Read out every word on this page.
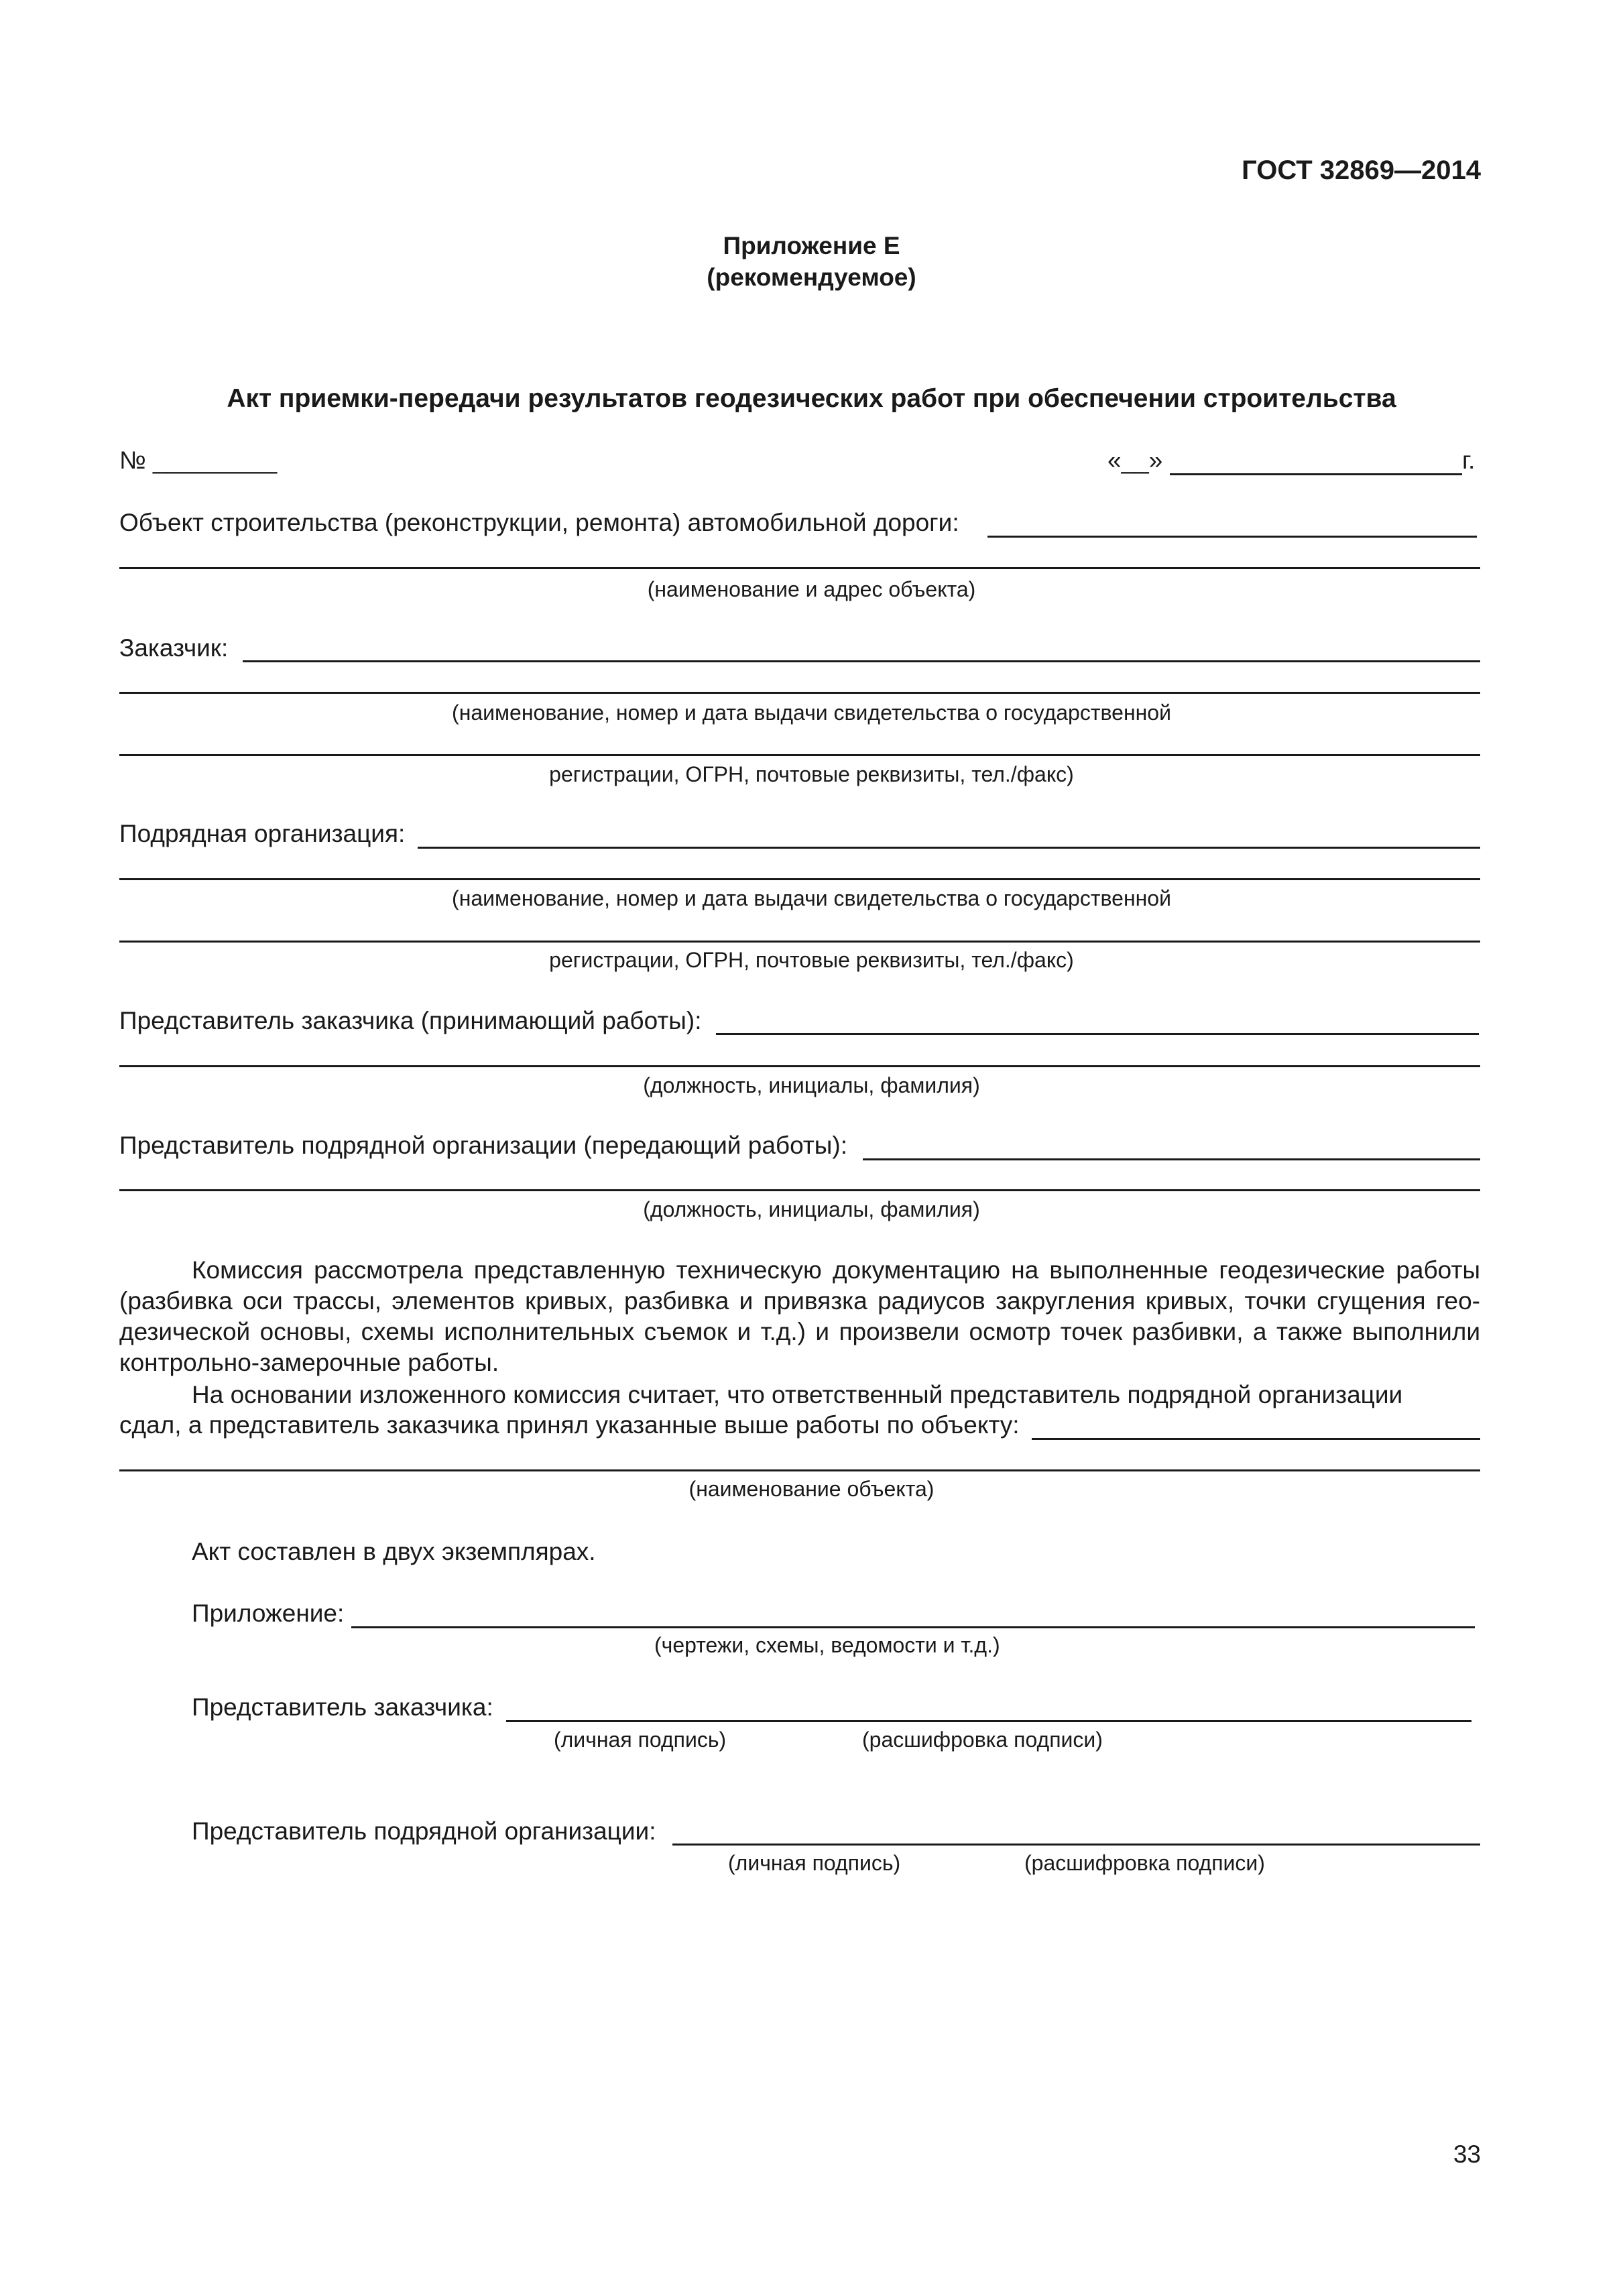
ГОСТ 32869—2014
Приложение Е
(рекомендуемое)
Акт приемки-передачи результатов геодезических работ при обеспечении строительства
№ _________	«__»	г.
Объект строительства (реконструкции, ремонта) автомобильной дороги:
(наименование и адрес объекта)
Заказчик:
(наименование, номер и дата выдачи свидетельства о государственной
регистрации, ОГРН, почтовые реквизиты, тел./факс)
Подрядная организация:
(наименование, номер и дата выдачи свидетельства о государственной
регистрации, ОГРН, почтовые реквизиты, тел./факс)
Представитель заказчика (принимающий работы):
(должность, инициалы, фамилия)
Представитель подрядной организации (передающий работы):
(должность, инициалы, фамилия)
Комиссия рассмотрела представленную техническую документацию на выполненные геодезические работы (разбивка оси трассы, элементов кривых, разбивка и привязка радиусов закругления кривых, точки сгущения гео-дезической основы, схемы исполнительных съемок и т.д.) и произвели осмотр точек разбивки, а также выполнили контрольно-замерочные работы.
На основании изложенного комиссия считает, что ответственный представитель подрядной организации
сдал, а представитель заказчика принял указанные выше работы по объекту:
(наименование объекта)
Акт составлен в двух экземплярах.
Приложение:
(чертежи, схемы, ведомости и т.д.)
Представитель заказчика:
(личная подпись)	(расшифровка подписи)
Представитель подрядной организации:
(личная подпись)	(расшифровка подписи)
33
